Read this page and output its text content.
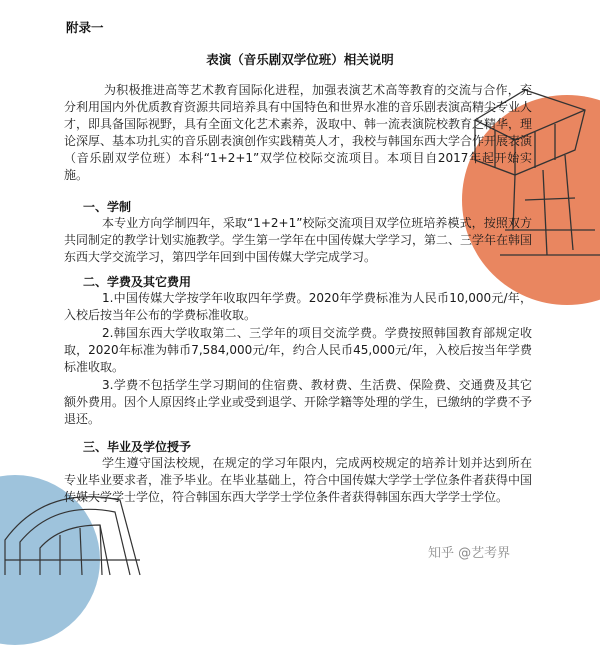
附录一
表演（音乐剧双学位班）相关说明

为积极推进高等艺术教育国际化进程，加强表演艺术高等教育的交流与合作，充分利用国内外优质教育资源共同培养具有中国特色和世界水准的音乐剧表演高精尖专业人才，即具备国际视野，具有全面文化艺术素养，汲取中、韩一流表演院校教育之精华，理论深厚、基本功扎实的音乐剧表演创作实践精英人才，我校与韩国东西大学合作开展表演（音乐剧双学位班）本科“1+2+1”双学位校际交流项目。本项目自2017年起开始实施。

一、学制

本专业方向学制四年，采取“1+2+1”校际交流项目双学位班培养模式，按照双方共同制定的教学计划实施教学。学生第一学年在中国传媒大学学习，第二、三学年在韩国东西大学交流学习，第四学年回到中国传媒大学完成学习。

二、学费及其它费用

1.中国传媒大学按学年收取四年学费。2020年学费标准为人民币10,000元/年，入校后按当年公布的学费标准收取。

2.韩国东西大学收取第二、三学年的项目交流学费。学费按照韩国教育部规定收取，2020年标准为韩币7,584,000元/年，约合人民币45,000元/年，入校后按当年学费标准收取。

3.学费不包括学生学习期间的住宿费、教材费、生活费、保险费、交通费及其它额外费用。因个人原因终止学业或受到退学、开除学籍等处理的学生，已缴纳的学费不予退还。

三、毕业及学位授予

学生遵守国法校规，在规定的学习年限内，完成两校规定的培养计划并达到所在专业毕业要求者，准予毕业。在毕业基础上，符合中国传媒大学学士学位条件者获得中国传媒大学学士学位，符合韩国东西大学学士学位条件者获得韩国东西大学学士学位。

知乎 @艺考界
